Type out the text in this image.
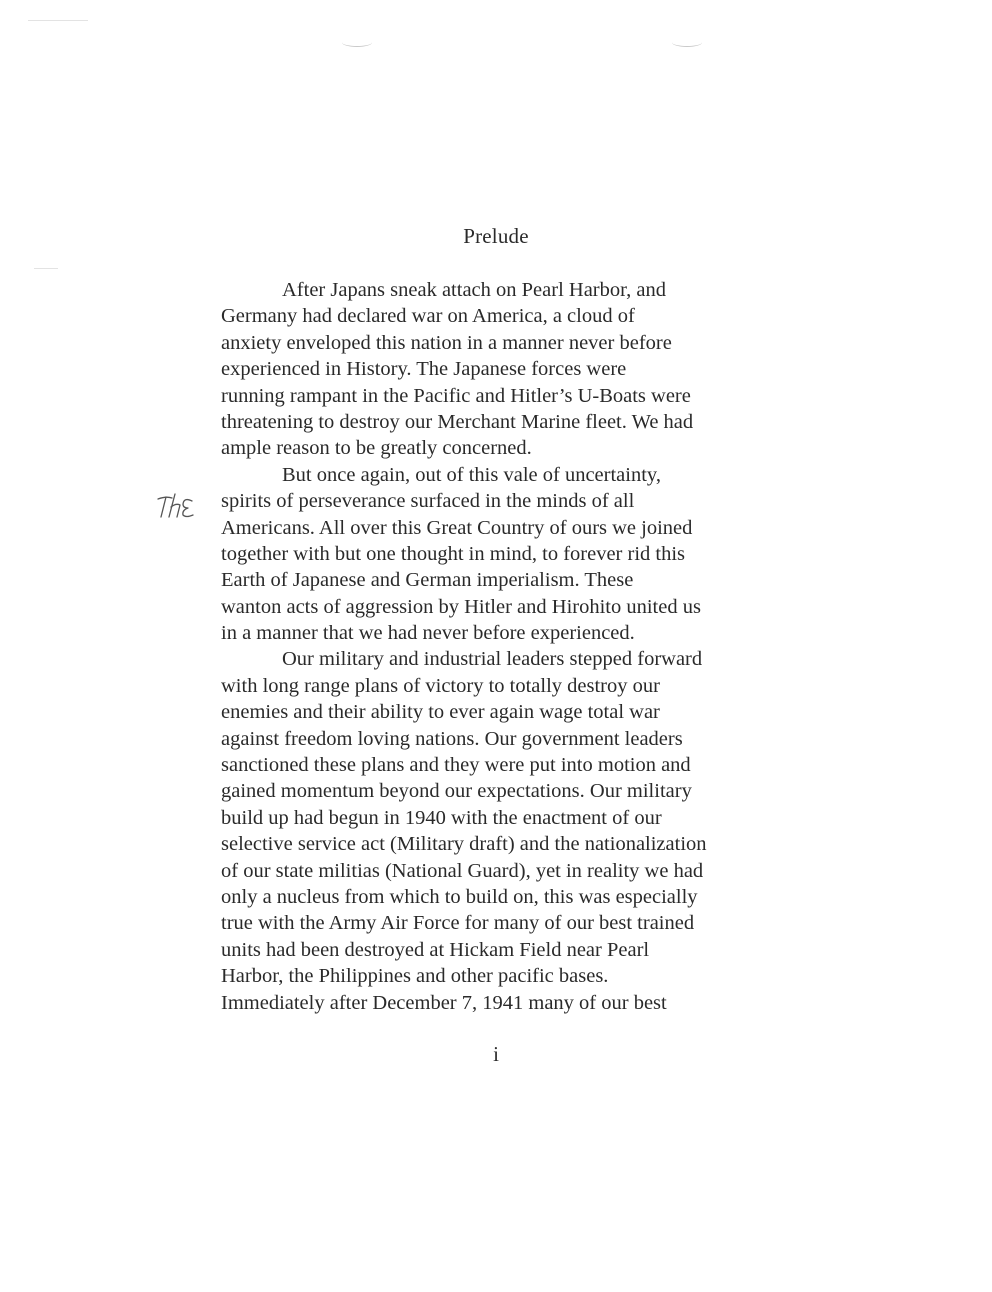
Prelude
After Japans sneak attach on Pearl Harbor, and
Germany had declared war on America, a cloud of
anxiety enveloped this nation in a manner never before
experienced in History. The Japanese forces were
running rampant in the Pacific and Hitler’s U-Boats were
threatening to destroy our Merchant Marine fleet. We had
ample reason to be greatly concerned.
But once again, out of this vale of uncertainty,
spirits of perseverance surfaced in the minds of all
Americans. All over this Great Country of ours we joined
together with but one thought in mind, to forever rid this
Earth of Japanese and German imperialism. These
wanton acts of aggression by Hitler and Hirohito united us
in a manner that we had never before experienced.
Our military and industrial leaders stepped forward
with long range plans of victory to totally destroy our
enemies and their ability to ever again wage total war
against freedom loving nations. Our government leaders
sanctioned these plans and they were put into motion and
gained momentum beyond our expectations. Our military
build up had begun in 1940 with the enactment of our
selective service act (Military draft) and the nationalization
of our state militias (National Guard), yet in reality we had
only a nucleus from which to build on, this was especially
true with the Army Air Force for many of our best trained
units had been destroyed at Hickam Field near Pearl
Harbor, the Philippines and other pacific bases.
Immediately after December 7, 1941 many of our best
i
